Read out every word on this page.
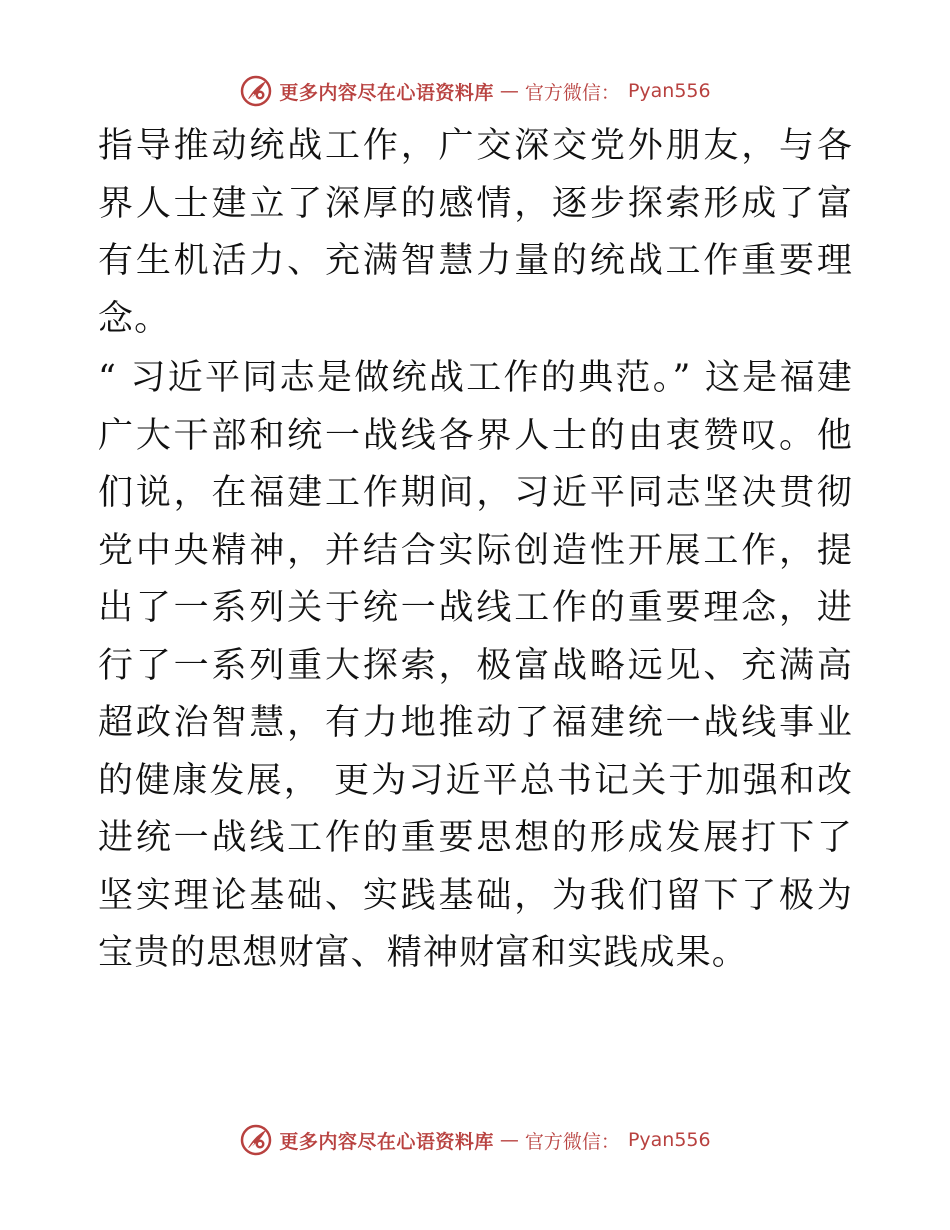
更多内容尽在心语资料库 — 官方微信： Pyan556

指导推动统战工作，广交深交党外朋友，与各界人士建立了深厚的感情，逐步探索形成了富有生机活力、充满智慧力量的统战工作重要理念。

“ 习近平同志是做统战工作的典范。” 这是福建广大干部和统一战线各界人士的由衷赞叹。他们说，在福建工作期间，习近平同志坚决贯彻党中央精神，并结合实际创造性开展工作，提出了一系列关于统一战线工作的重要理念，进行了一系列重大探索，极富战略远见、充满高超政治智慧，有力地推动了福建统一战线事业的健康发展， 更为习近平总书记关于加强和改进统一战线工作的重要思想的形成发展打下了坚实理论基础、实践基础，为我们留下了极为宝贵的思想财富、精神财富和实践成果。

更多内容尽在心语资料库 — 官方微信： Pyan556
